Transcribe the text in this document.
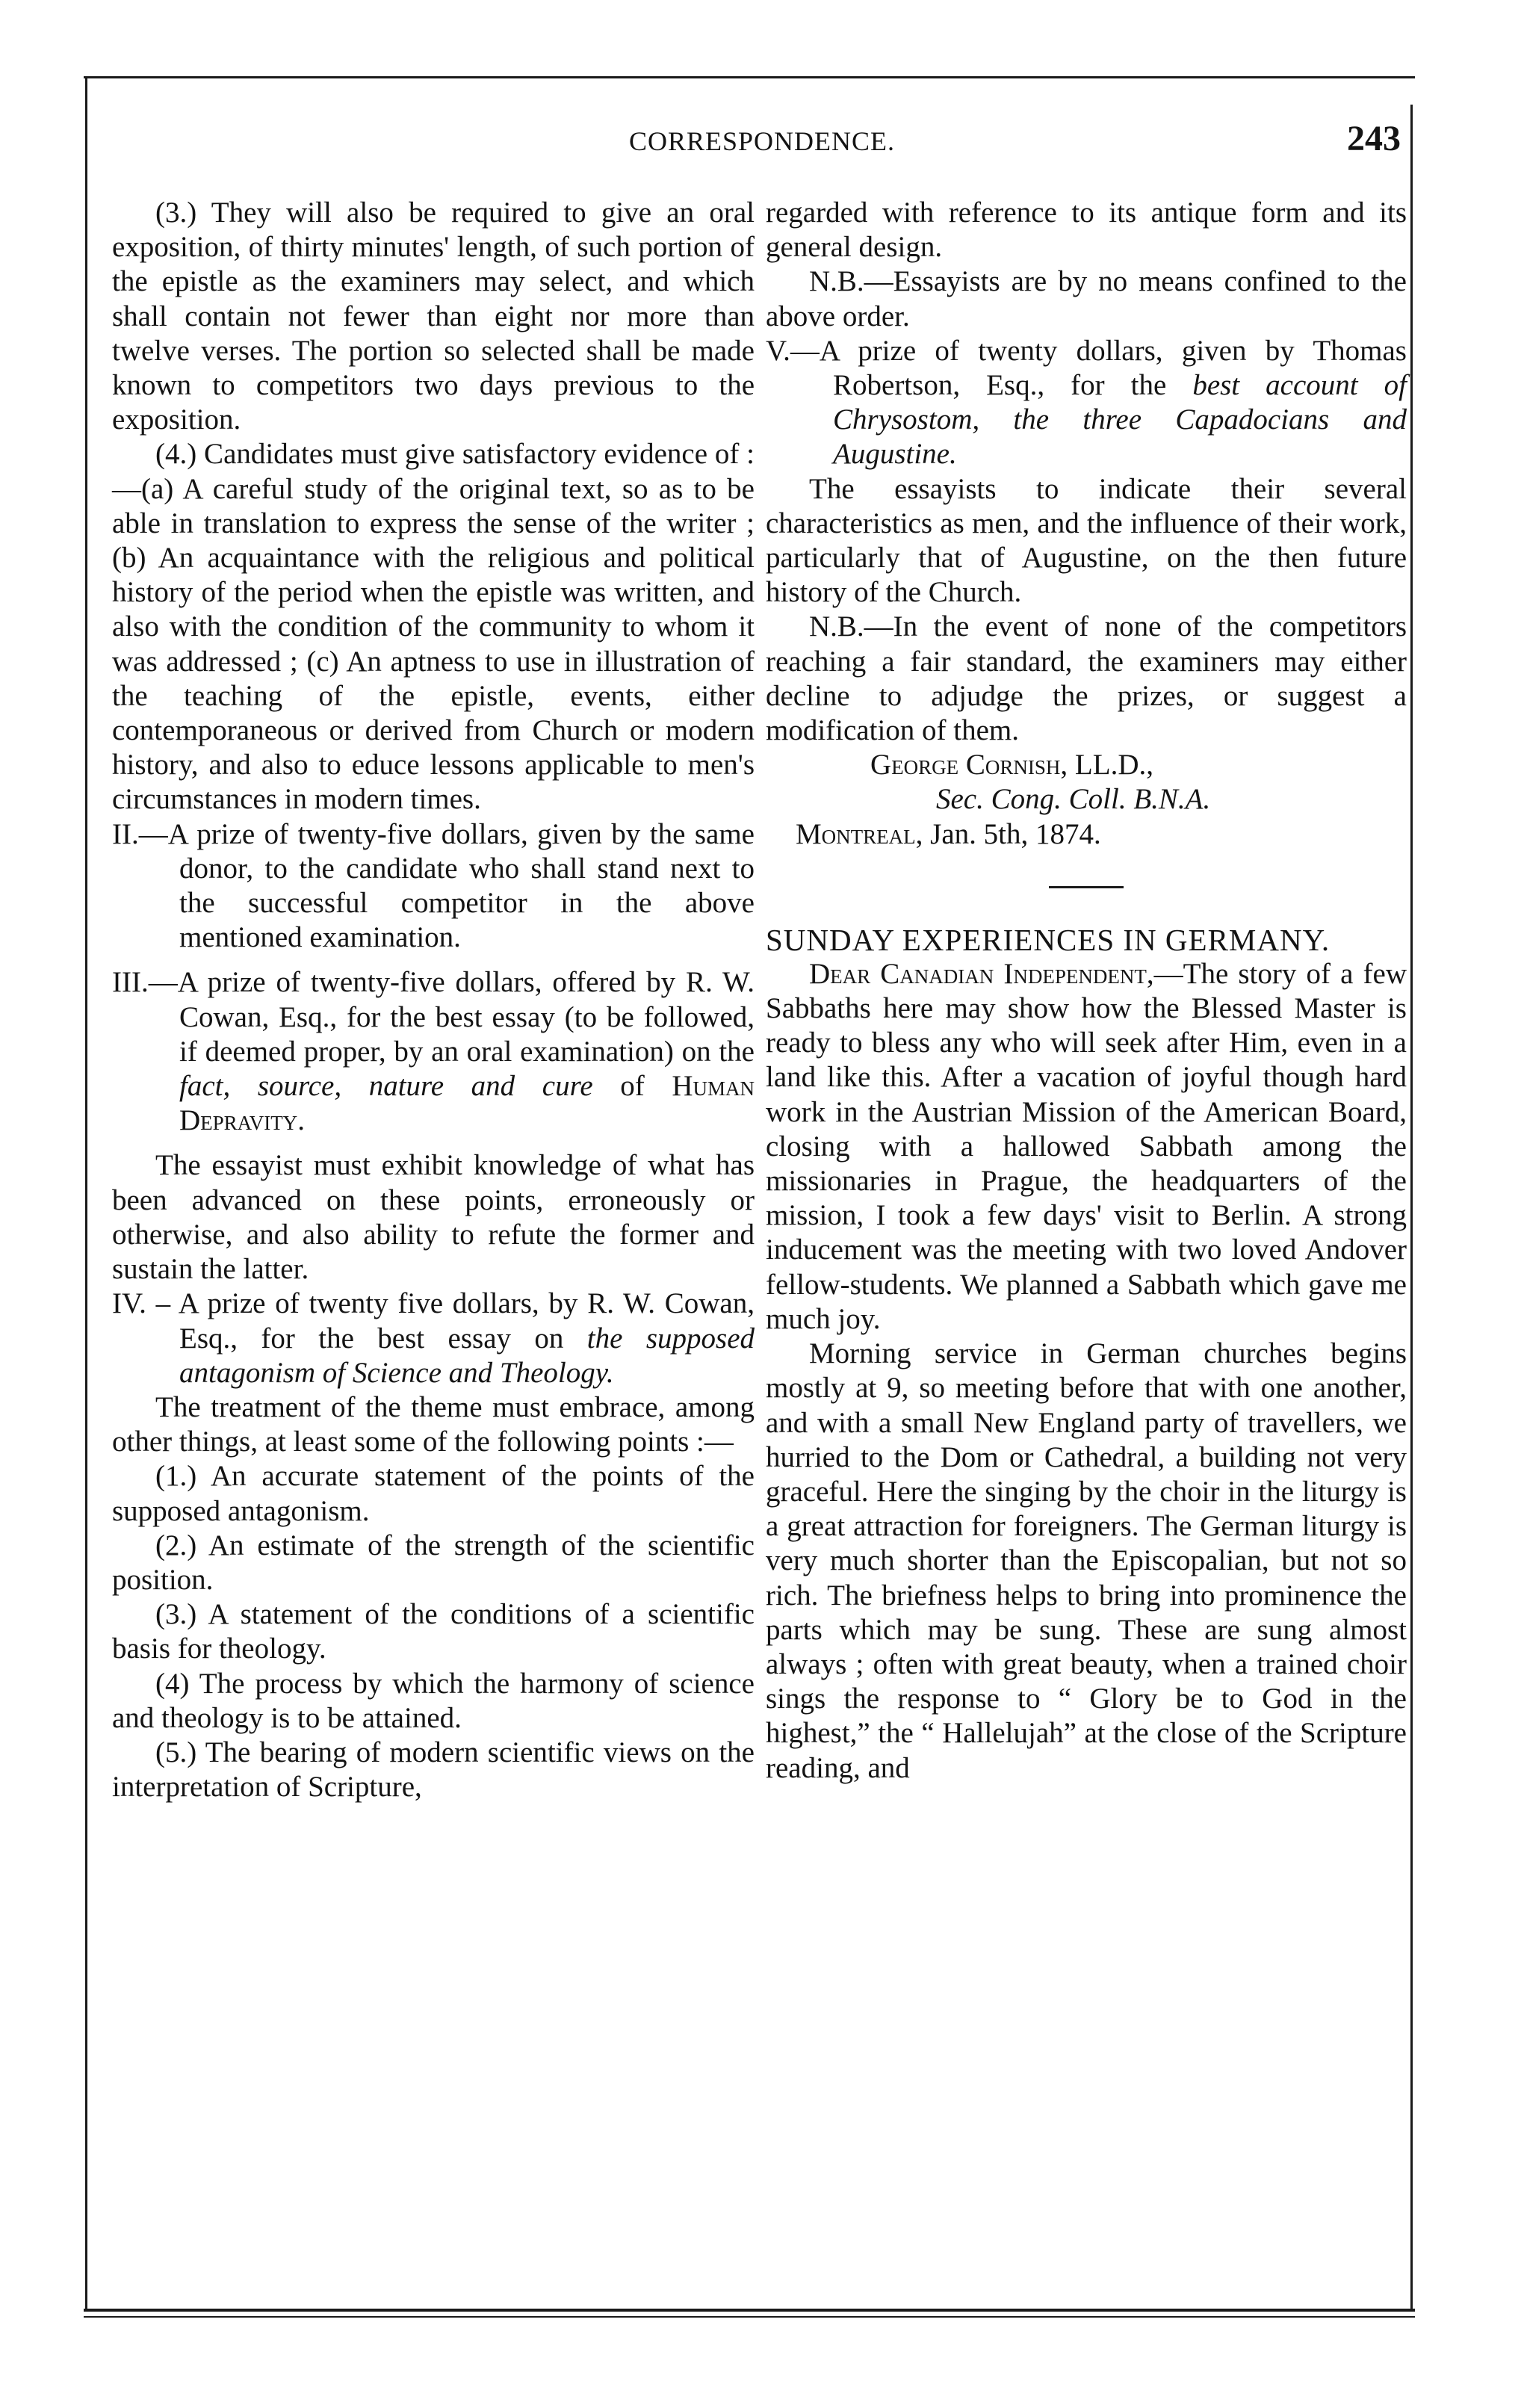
CORRESPONDENCE.	243

(3.) They will also be required to give an oral exposition, of thirty minutes' length, of such portion of the epistle as the examiners may select, and which shall contain not fewer than eight nor more than twelve verses. The portion so selected shall be made known to competitors two days previous to the exposition.

(4.) Candidates must give satisfactory evidence of :—(a) A careful study of the original text, so as to be able in translation to express the sense of the writer ; (b) An acquaintance with the religious and political history of the period when the epistle was written, and also with the condition of the community to whom it was addressed ; (c) An aptness to use in illustration of the teaching of the epistle, events, either contemporaneous or derived from Church or modern history, and also to educe lessons applicable to men's circumstances in modern times.

II.—A prize of twenty-five dollars, given by the same donor, to the candidate who shall stand next to the successful competitor in the above mentioned examination.

III.—A prize of twenty-five dollars, offered by R. W. Cowan, Esq., for the best essay (to be followed, if deemed proper, by an oral examination) on the fact, source, nature and cure of Human Depravity.

The essayist must exhibit knowledge of what has been advanced on these points, erroneously or otherwise, and also ability to refute the former and sustain the latter.

IV. – A prize of twenty five dollars, by R. W. Cowan, Esq., for the best essay on the supposed antagonism of Science and Theology.

The treatment of the theme must embrace, among other things, at least some of the following points :—

(1.) An accurate statement of the points of the supposed antagonism.

(2.) An estimate of the strength of the scientific position.

(3.) A statement of the conditions of a scientific basis for theology.

(4) The process by which the harmony of science and theology is to be attained.

(5.) The bearing of modern scientific views on the interpretation of Scripture,

regarded with reference to its antique form and its general design.

N.B.—Essayists are by no means confined to the above order.

V.—A prize of twenty dollars, given by Thomas Robertson, Esq., for the best account of Chrysostom, the three Capadocians and Augustine.

The essayists to indicate their several characteristics as men, and the influence of their work, particularly that of Augustine, on the then future history of the Church.

N.B.—In the event of none of the competitors reaching a fair standard, the examiners may either decline to adjudge the prizes, or suggest a modification of them.

George Cornish, LL.D.,

Sec. Cong. Coll. B.N.A.

Montreal, Jan. 5th, 1874.

SUNDAY EXPERIENCES IN GERMANY.

Dear Canadian Independent,—The story of a few Sabbaths here may show how the Blessed Master is ready to bless any who will seek after Him, even in a land like this. After a vacation of joyful though hard work in the Austrian Mission of the American Board, closing with a hallowed Sabbath among the missionaries in Prague, the headquarters of the mission, I took a few days' visit to Berlin. A strong inducement was the meeting with two loved Andover fellow-students. We planned a Sabbath which gave me much joy.

Morning service in German churches begins mostly at 9, so meeting before that with one another, and with a small New England party of travellers, we hurried to the Dom or Cathedral, a building not very graceful. Here the singing by the choir in the liturgy is a great attraction for foreigners. The German liturgy is very much shorter than the Episcopalian, but not so rich. The briefness helps to bring into prominence the parts which may be sung. These are sung almost always ; often with great beauty, when a trained choir sings the response to “ Glory be to God in the highest,” the “ Hallelujah” at the close of the Scripture reading, and
